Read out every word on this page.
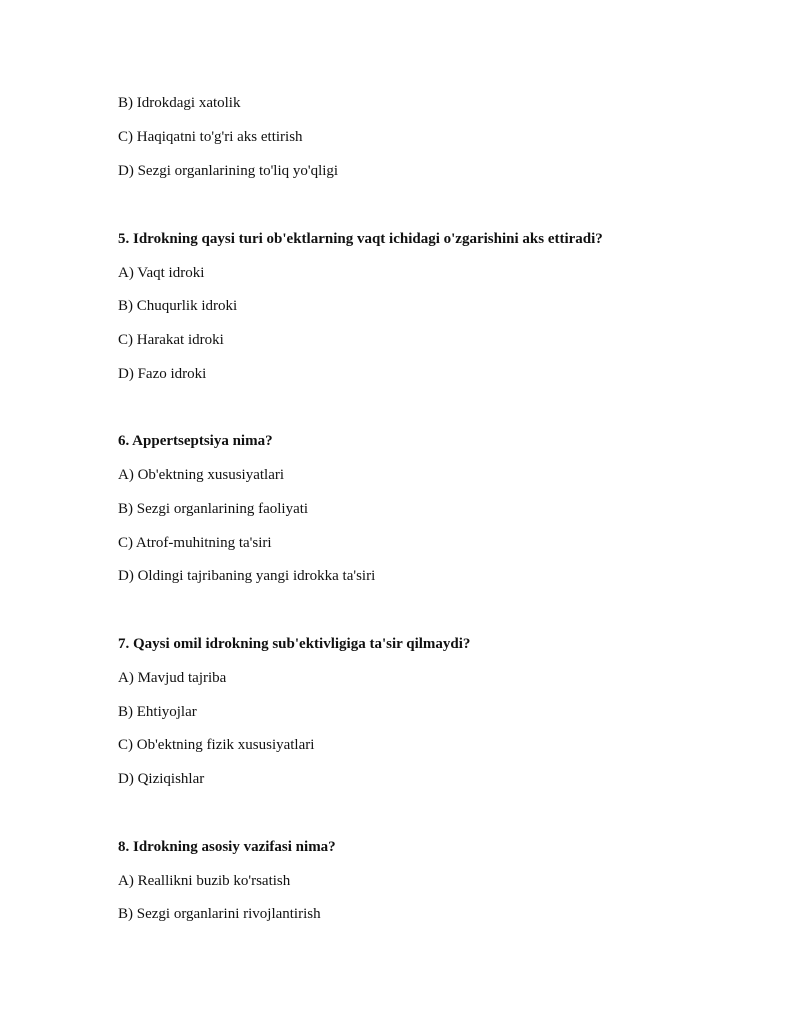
B) Idrokdagi xatolik
C) Haqiqatni to'g'ri aks ettirish
D) Sezgi organlarining to'liq yo'qligi
5. Idrokning qaysi turi ob'ektlarning vaqt ichidagi o'zgarishini aks ettiradi?
A) Vaqt idroki
B) Chuqurlik idroki
C) Harakat idroki
D) Fazo idroki
6. Appertseptsiya nima?
A) Ob'ektning xususiyatlari
B) Sezgi organlarining faoliyati
C) Atrof-muhitning ta'siri
D) Oldingi tajribaning yangi idrokka ta'siri
7. Qaysi omil idrokning sub'ektivligiga ta'sir qilmaydi?
A) Mavjud tajriba
B) Ehtiyojlar
C) Ob'ektning fizik xususiyatlari
D) Qiziqishlar
8. Idrokning asosiy vazifasi nima?
A) Reallikni buzib ko'rsatish
B) Sezgi organlarini rivojlantirish
